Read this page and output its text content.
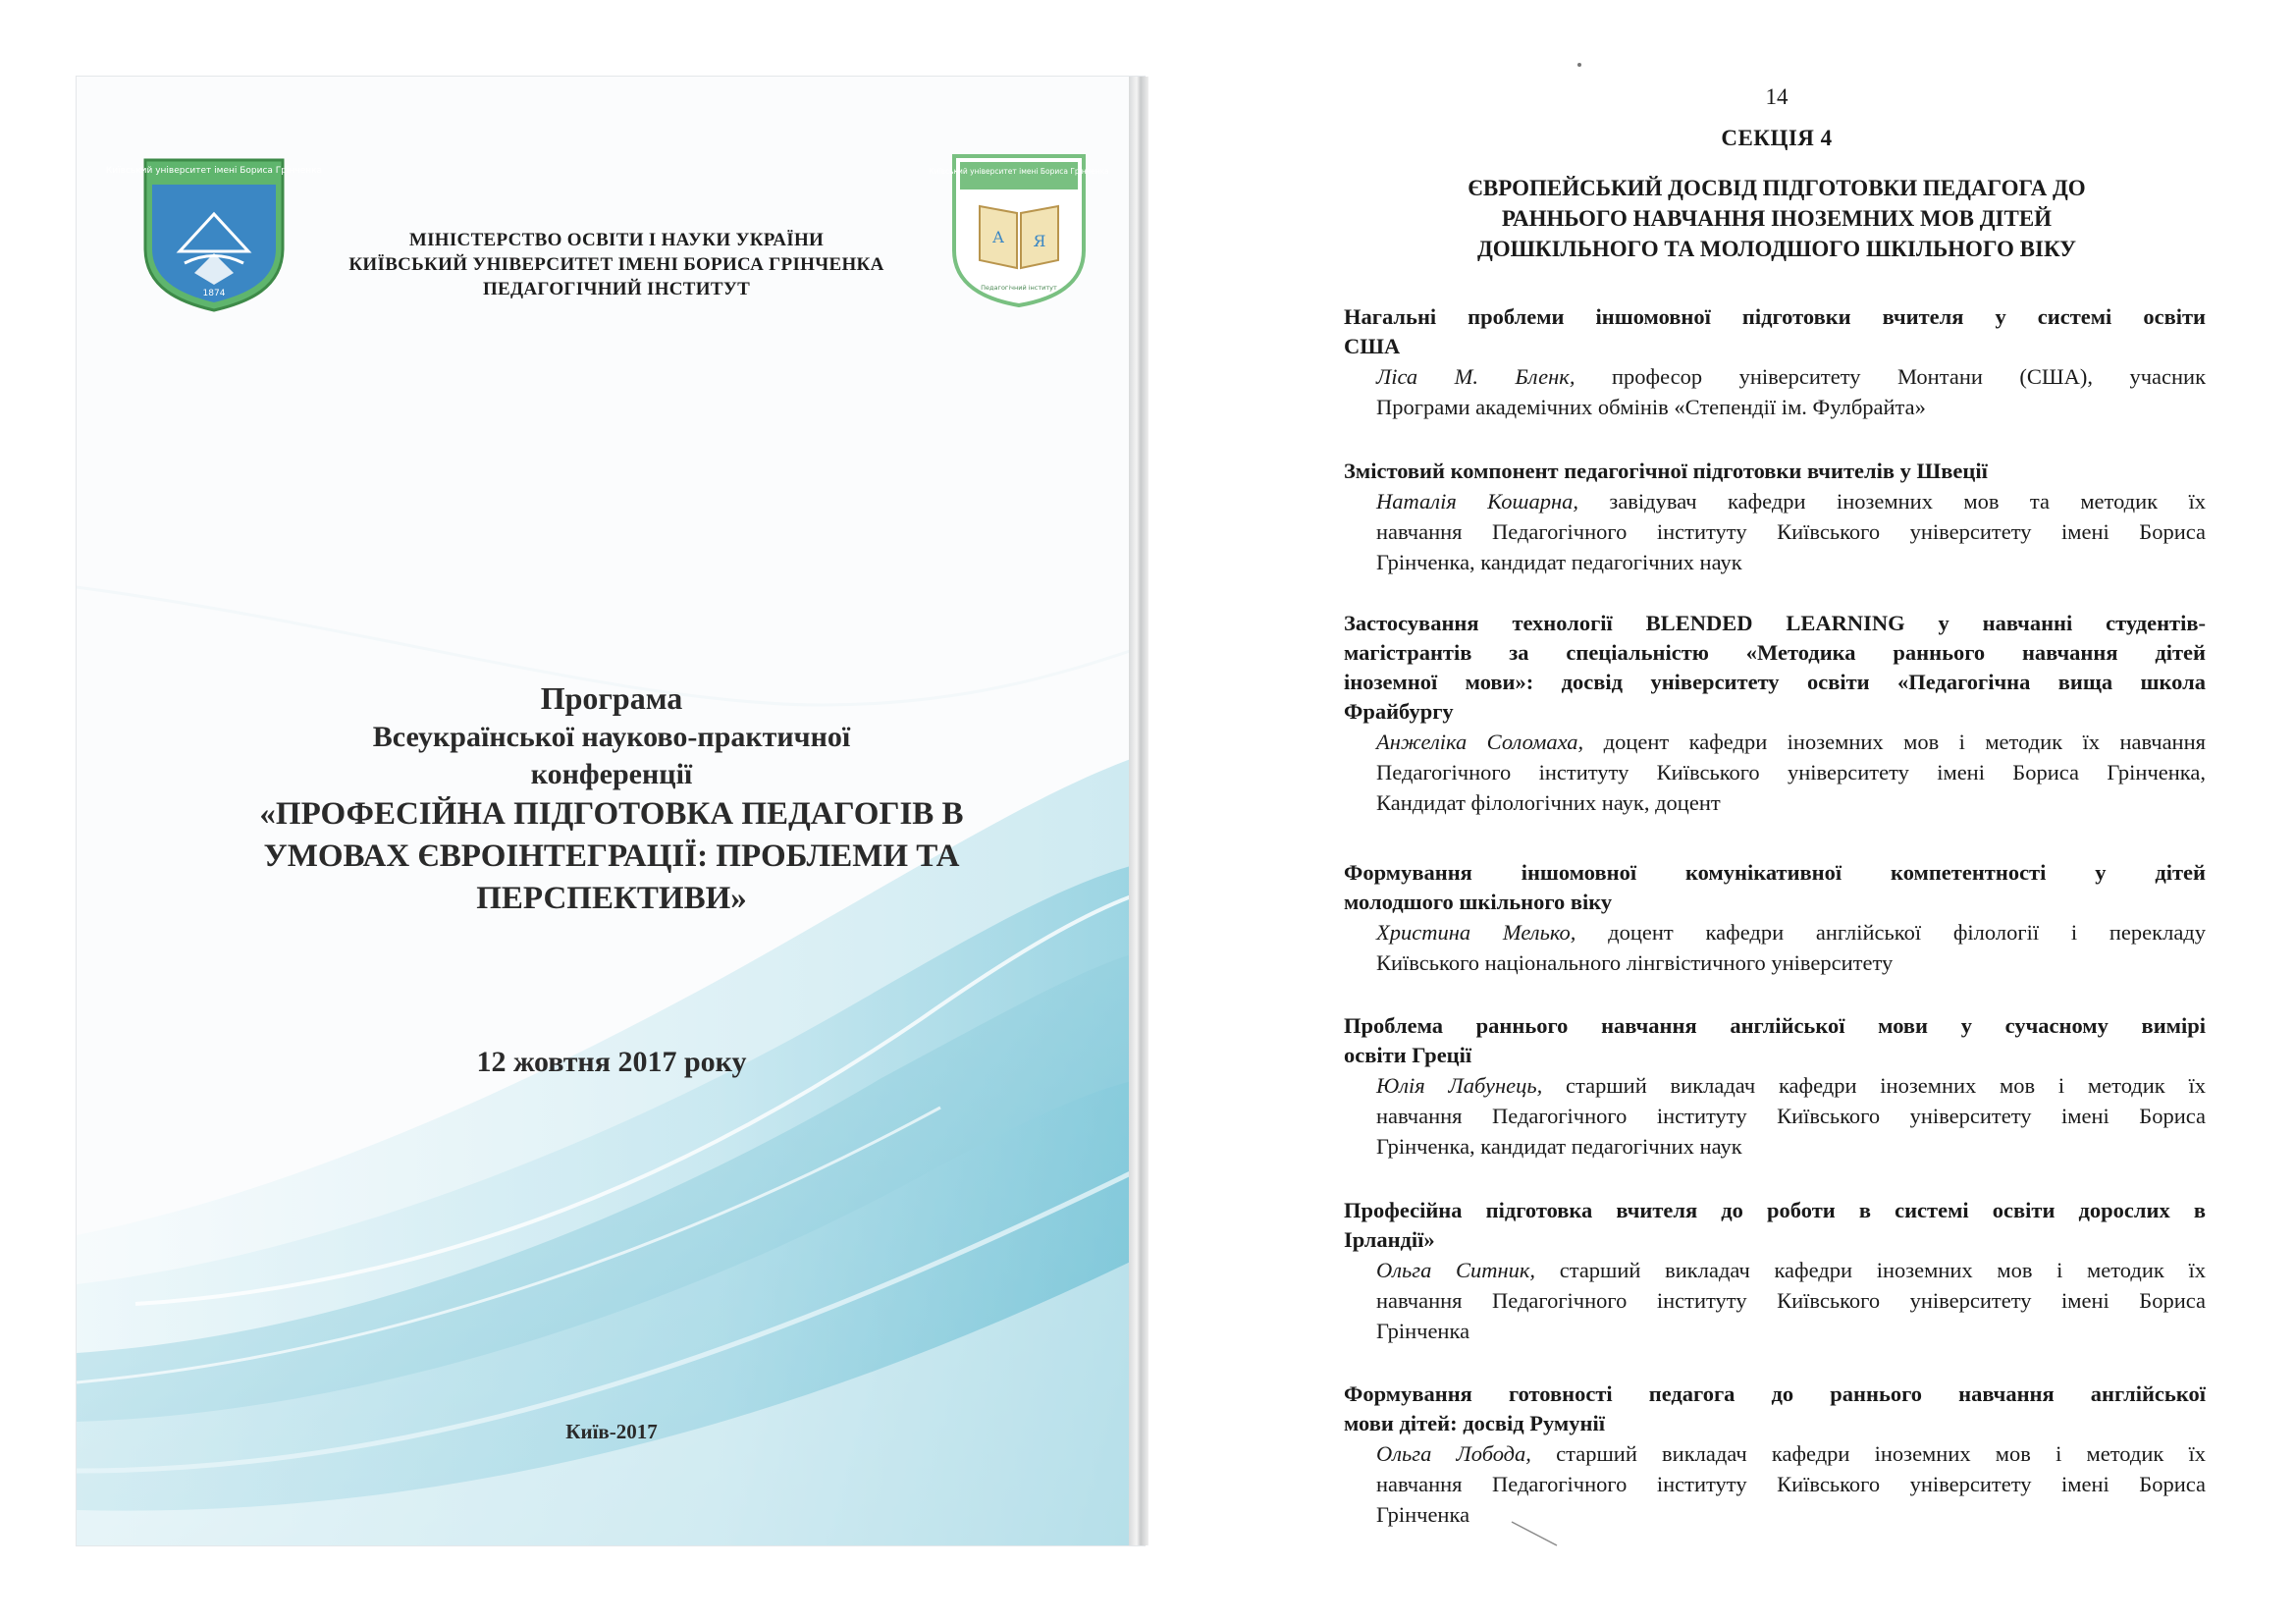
Київський університет імені Бориса Грінченка
1874
Київський університет імені Бориса Грінченка
A Я
Педагогічний інститут

МІНІСТЕРСТВО ОСВІТИ І НАУКИ УКРАЇНИ
КИЇВСЬКИЙ УНІВЕРСИТЕТ ІМЕНІ БОРИСА ГРІНЧЕНКА
ПЕДАГОГІЧНИЙ ІНСТИТУТ
Програма
Всеукраїнської науково-практичної
конференції
«ПРОФЕСІЙНА ПІДГОТОВКА ПЕДАГОГІВ В
УМОВАХ ЄВРОІНТЕГРАЦІЇ: ПРОБЛЕМИ ТА
ПЕРСПЕКТИВИ»
12 жовтня 2017 року
Київ-2017
14
СЕКЦІЯ 4
ЄВРОПЕЙСЬКИЙ ДОСВІД ПІДГОТОВКИ ПЕДАГОГА ДО
РАННЬОГО НАВЧАННЯ ІНОЗЕМНИХ МОВ ДІТЕЙ
ДОШКІЛЬНОГО ТА МОЛОДШОГО ШКІЛЬНОГО ВІКУ
Нагальні проблеми іншомовної підготовки вчителя у системі освіти
США
Ліса М. Бленк, професор університету Монтани (США), учасник
Програми академічних обмінів «Степендії ім. Фулбрайта»
Змістовий компонент педагогічної підготовки вчителів у Швеції
Наталія Кошарна, завідувач кафедри іноземних мов та методик їх
навчання Педагогічного інституту Київського університету імені Бориса
Грінченка, кандидат педагогічних наук
Застосування технології BLENDED LEARNING у навчанні студентів-
магістрантів за спеціальністю «Методика раннього навчання дітей
іноземної мови»: досвід університету освіти «Педагогічна вища школа
Фрайбургу
Анжеліка Соломаха, доцент кафедри іноземних мов і методик їх навчання
Педагогічного інституту Київського університету імені Бориса Грінченка,
Кандидат філологічних наук, доцент
Формування іншомовної комунікативної компетентності у дітей
молодшого шкільного віку
Христина Мелько, доцент кафедри англійської філології і перекладу
Київського національного лінгвістичного університету
Проблема раннього навчання англійської мови у сучасному вимірі
освіти Греції
Юлія Лабунець, старший викладач кафедри іноземних мов і методик їх
навчання Педагогічного інституту Київського університету імені Бориса
Грінченка, кандидат педагогічних наук
Професійна підготовка вчителя до роботи в системі освіти дорослих в
Ірландії»
Ольга Ситник, старший викладач кафедри іноземних мов і методик їх
навчання Педагогічного інституту Київського університету імені Бориса
Грінченка
Формування готовності педагога до раннього навчання англійської
мови дітей: досвід Румунії
Ольга Лобода, старший викладач кафедри іноземних мов і методик їх
навчання Педагогічного інституту Київського університету імені Бориса
Грінченка
